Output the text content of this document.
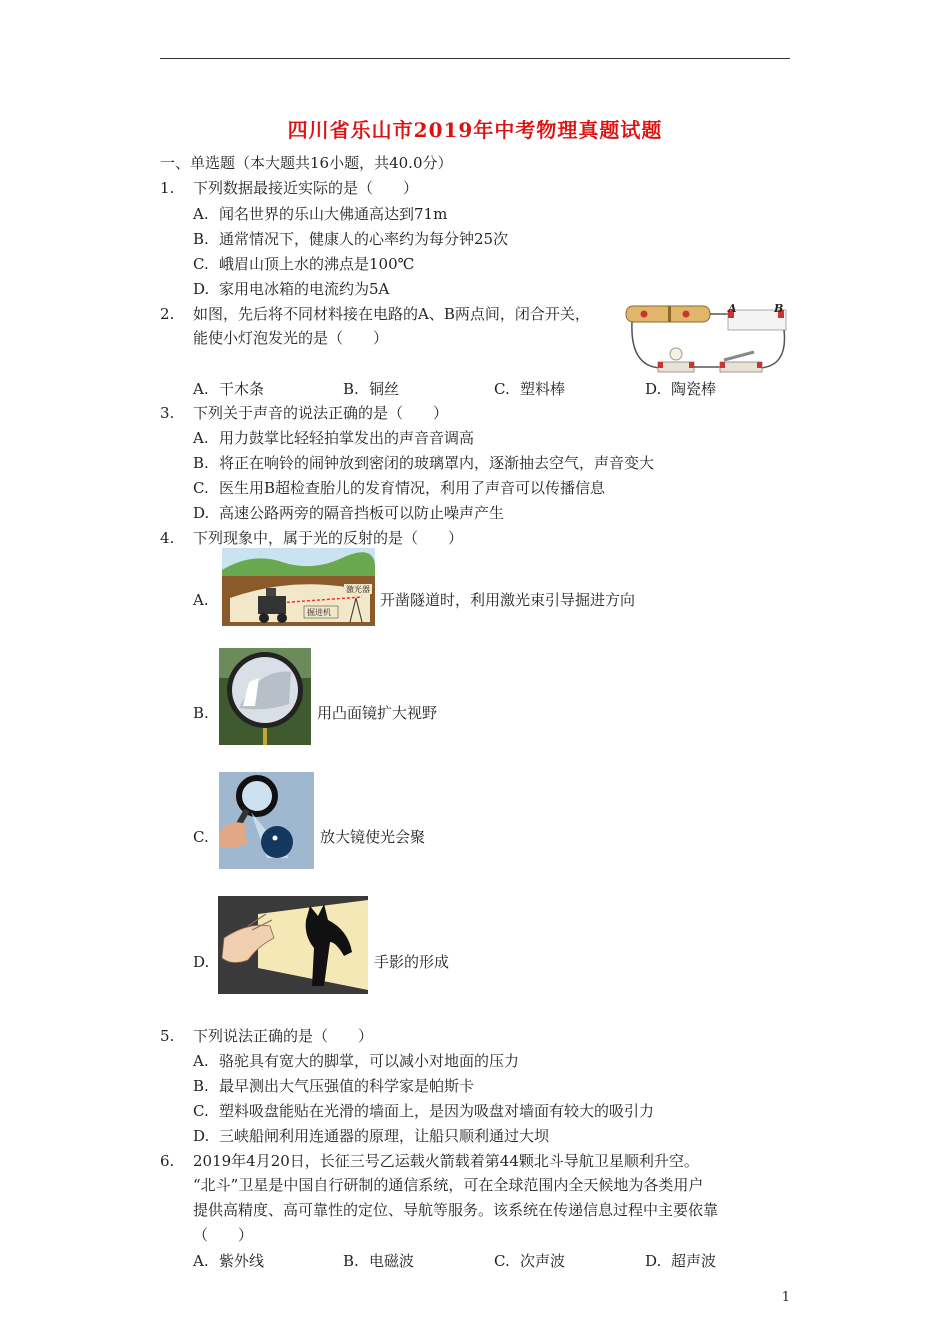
四川省乐山市2019年中考物理真题试题
一、单选题（本大题共16小题，共40.0分）
1. 下列数据最接近实际的是（　　）
A. 闻名世界的乐山大佛通高达到71m
B. 通常情况下，健康人的心率约为每分钟25次
C. 峨眉山顶上水的沸点是100℃
D. 家用电冰箱的电流约为5A
2. 如图，先后将不同材料接在电路的A、B两点间，闭合开关，
能使小灯泡发光的是（　　）
A	B
A. 干木条	B. 铜丝	C. 塑料棒	D. 陶瓷棒
3. 下列关于声音的说法正确的是（　　）
A. 用力鼓掌比轻轻拍掌发出的声音音调高
B. 将正在响铃的闹钟放到密闭的玻璃罩内，逐渐抽去空气，声音变大
C. 医生用B超检查胎儿的发育情况，利用了声音可以传播信息
D. 高速公路两旁的隔音挡板可以防止噪声产生
4. 下列现象中，属于光的反射的是（　　）
A.
激光器
掘进机
开凿隧道时，利用激光束引导掘进方向
B.	用凸面镜扩大视野
C.	放大镜使光会聚
D.	手影的形成
5. 下列说法正确的是（　　）
A. 骆驼具有宽大的脚掌，可以减小对地面的压力
B. 最早测出大气压强值的科学家是帕斯卡
C. 塑料吸盘能贴在光滑的墙面上，是因为吸盘对墙面有较大的吸引力
D. 三峡船闸利用连通器的原理，让船只顺利通过大坝
6. 2019年4月20日，长征三号乙运载火箭载着第44颗北斗导航卫星顺利升空。
“北斗”卫星是中国自行研制的通信系统，可在全球范围内全天候地为各类用户
提供高精度、高可靠性的定位、导航等服务。该系统在传递信息过程中主要依靠
（　　）
A. 紫外线	B. 电磁波	C. 次声波	D. 超声波
1
